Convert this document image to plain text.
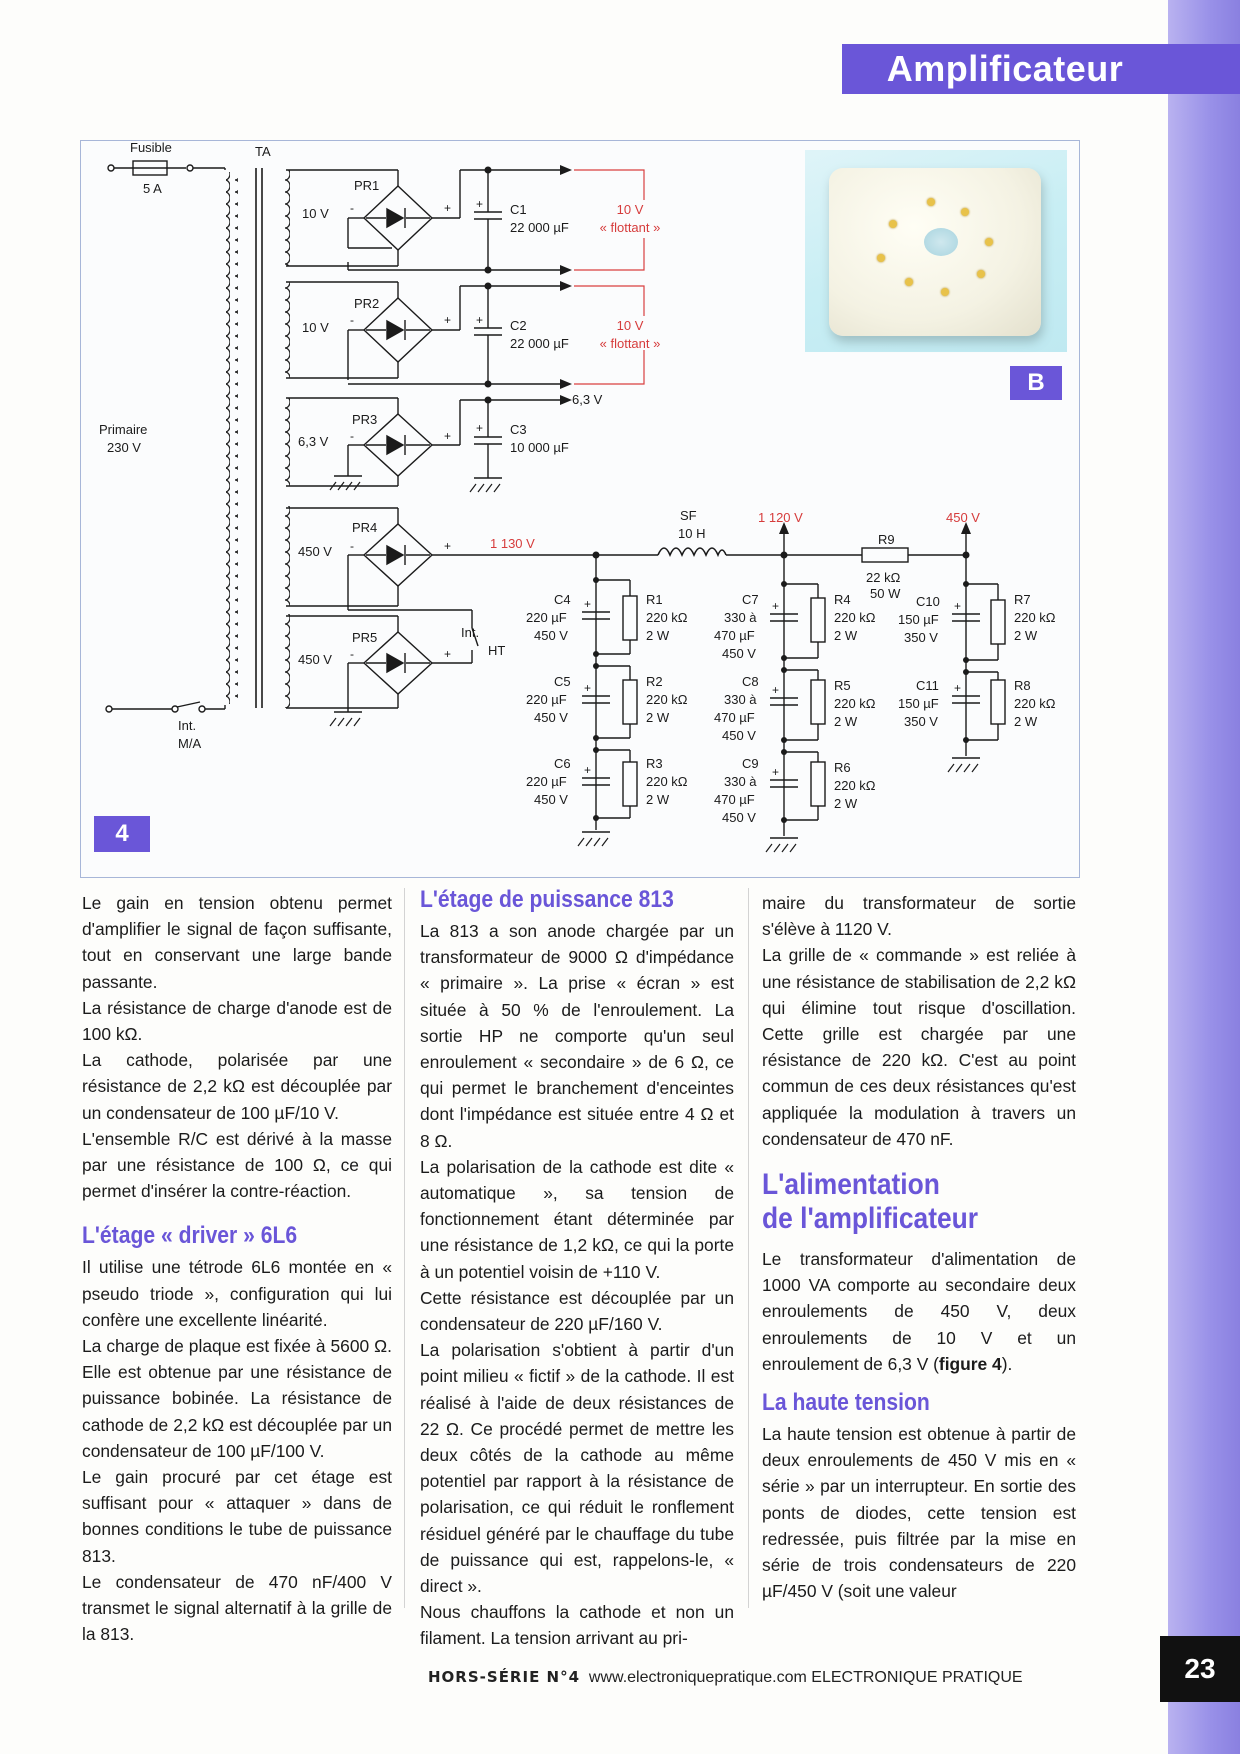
Amplificateur
Fusible
5 A
TA
Primaire
230 V
Int.
M/A
PR1
PR2
PR3
PR4
PR5
10 V
10 V
6,3 V
450 V
450 V
C1
22 000 µF
C2
22 000 µF
C3
10 000 µF
6,3 V
Int.
HT
SF
10 H	R9
22 kΩ
50 W
C4
220 µF
450 V
C5
220 µF
450 V
C6
220 µF
450 V
R1
220 kΩ
2 W
R2
220 kΩ
2 W
R3
220 kΩ
2 W
C7
330 à
470 µF
450 V
C8
330 à
470 µF
450 V
C9
330 à
470 µF
450 V
R4
220 kΩ
2 W
R5
220 kΩ
2 W
R6
220 kΩ
2 W
C10
150 µF
350 V
C11
150 µF
350 V
R7
220 kΩ
2 W
R8
220 kΩ
2 W
10 V
« flottant »
10 V
« flottant »
1 130 V
1 120 V	450 V
-	+
-	+
-	+
-	+
-	+
+
+
+
+
+
+
+
+
+
+
+
B
4

Le gain en tension obtenu permet d'amplifier le signal de façon suffisante, tout en conservant une large bande passante.

La résistance de charge d'anode est de 100 kΩ.

La cathode, polarisée par une résistance de 2,2 kΩ est découplée par un condensateur de 100 µF/10 V.

L'ensemble R/C est dérivé à la masse par une résistance de 100 Ω, ce qui permet d'insérer la contre-réaction.

L'étage « driver » 6L6

Il utilise une tétrode 6L6 montée en « pseudo triode », configuration qui lui confère une excellente linéarité.

La charge de plaque est fixée à 5600 Ω. Elle est obtenue par une résistance de puissance bobinée. La résistance de cathode de 2,2 kΩ est découplée par un condensateur de 100 µF/100 V.

Le gain procuré par cet étage est suffisant pour « attaquer » dans de bonnes conditions le tube de puissance 813.

Le condensateur de 470 nF/400 V transmet le signal alternatif à la grille de la 813.

L'étage de puissance 813

La 813 a son anode chargée par un transformateur de 9000 Ω d'impédance « primaire ». La prise « écran » est située à 50 % de l'enroulement. La sortie HP ne comporte qu'un seul enroulement « secondaire » de 6 Ω, ce qui permet le branchement d'enceintes dont l'impédance est située entre 4 Ω et 8 Ω.

La polarisation de la cathode est dite « automatique », sa tension de fonctionnement étant déterminée par une résistance de 1,2 kΩ, ce qui la porte à un potentiel voisin de +110 V.

Cette résistance est découplée par un condensateur de 220 µF/160 V.

La polarisation s'obtient à partir d'un point milieu « fictif » de la cathode. Il est réalisé à l'aide de deux résistances de 22 Ω. Ce procédé permet de mettre les deux côtés de la cathode au même potentiel par rapport à la résistance de polarisation, ce qui réduit le ronflement résiduel généré par le chauffage du tube de puissance qui est, rappelons-le, « direct ».

Nous chauffons la cathode et non un filament. La tension arrivant au pri-

maire du transformateur de sortie s'élève à 1120 V.

La grille de « commande » est reliée à une résistance de stabilisation de 2,2 kΩ qui élimine tout risque d'oscillation. Cette grille est chargée par une résistance de 220 kΩ. C'est au point commun de ces deux résistances qu'est appliquée la modulation à travers un condensateur de 470 nF.

L'alimentation
de l'amplificateur

Le transformateur d'alimentation de 1000 VA comporte au secondaire deux enroulements de 450 V, deux enroulements de 10 V et un enroulement de 6,3 V (figure 4).

La haute tension

La haute tension est obtenue à partir de deux enroulements de 450 V mis en « série » par un interrupteur. En sortie des ponts de diodes, cette tension est redressée, puis filtrée par la mise en série de trois condensateurs de 220 µF/450 V (soit une valeur

HORS-SÉRIE N°4 www.electroniquepratique.com ELECTRONIQUE PRATIQUE	23
